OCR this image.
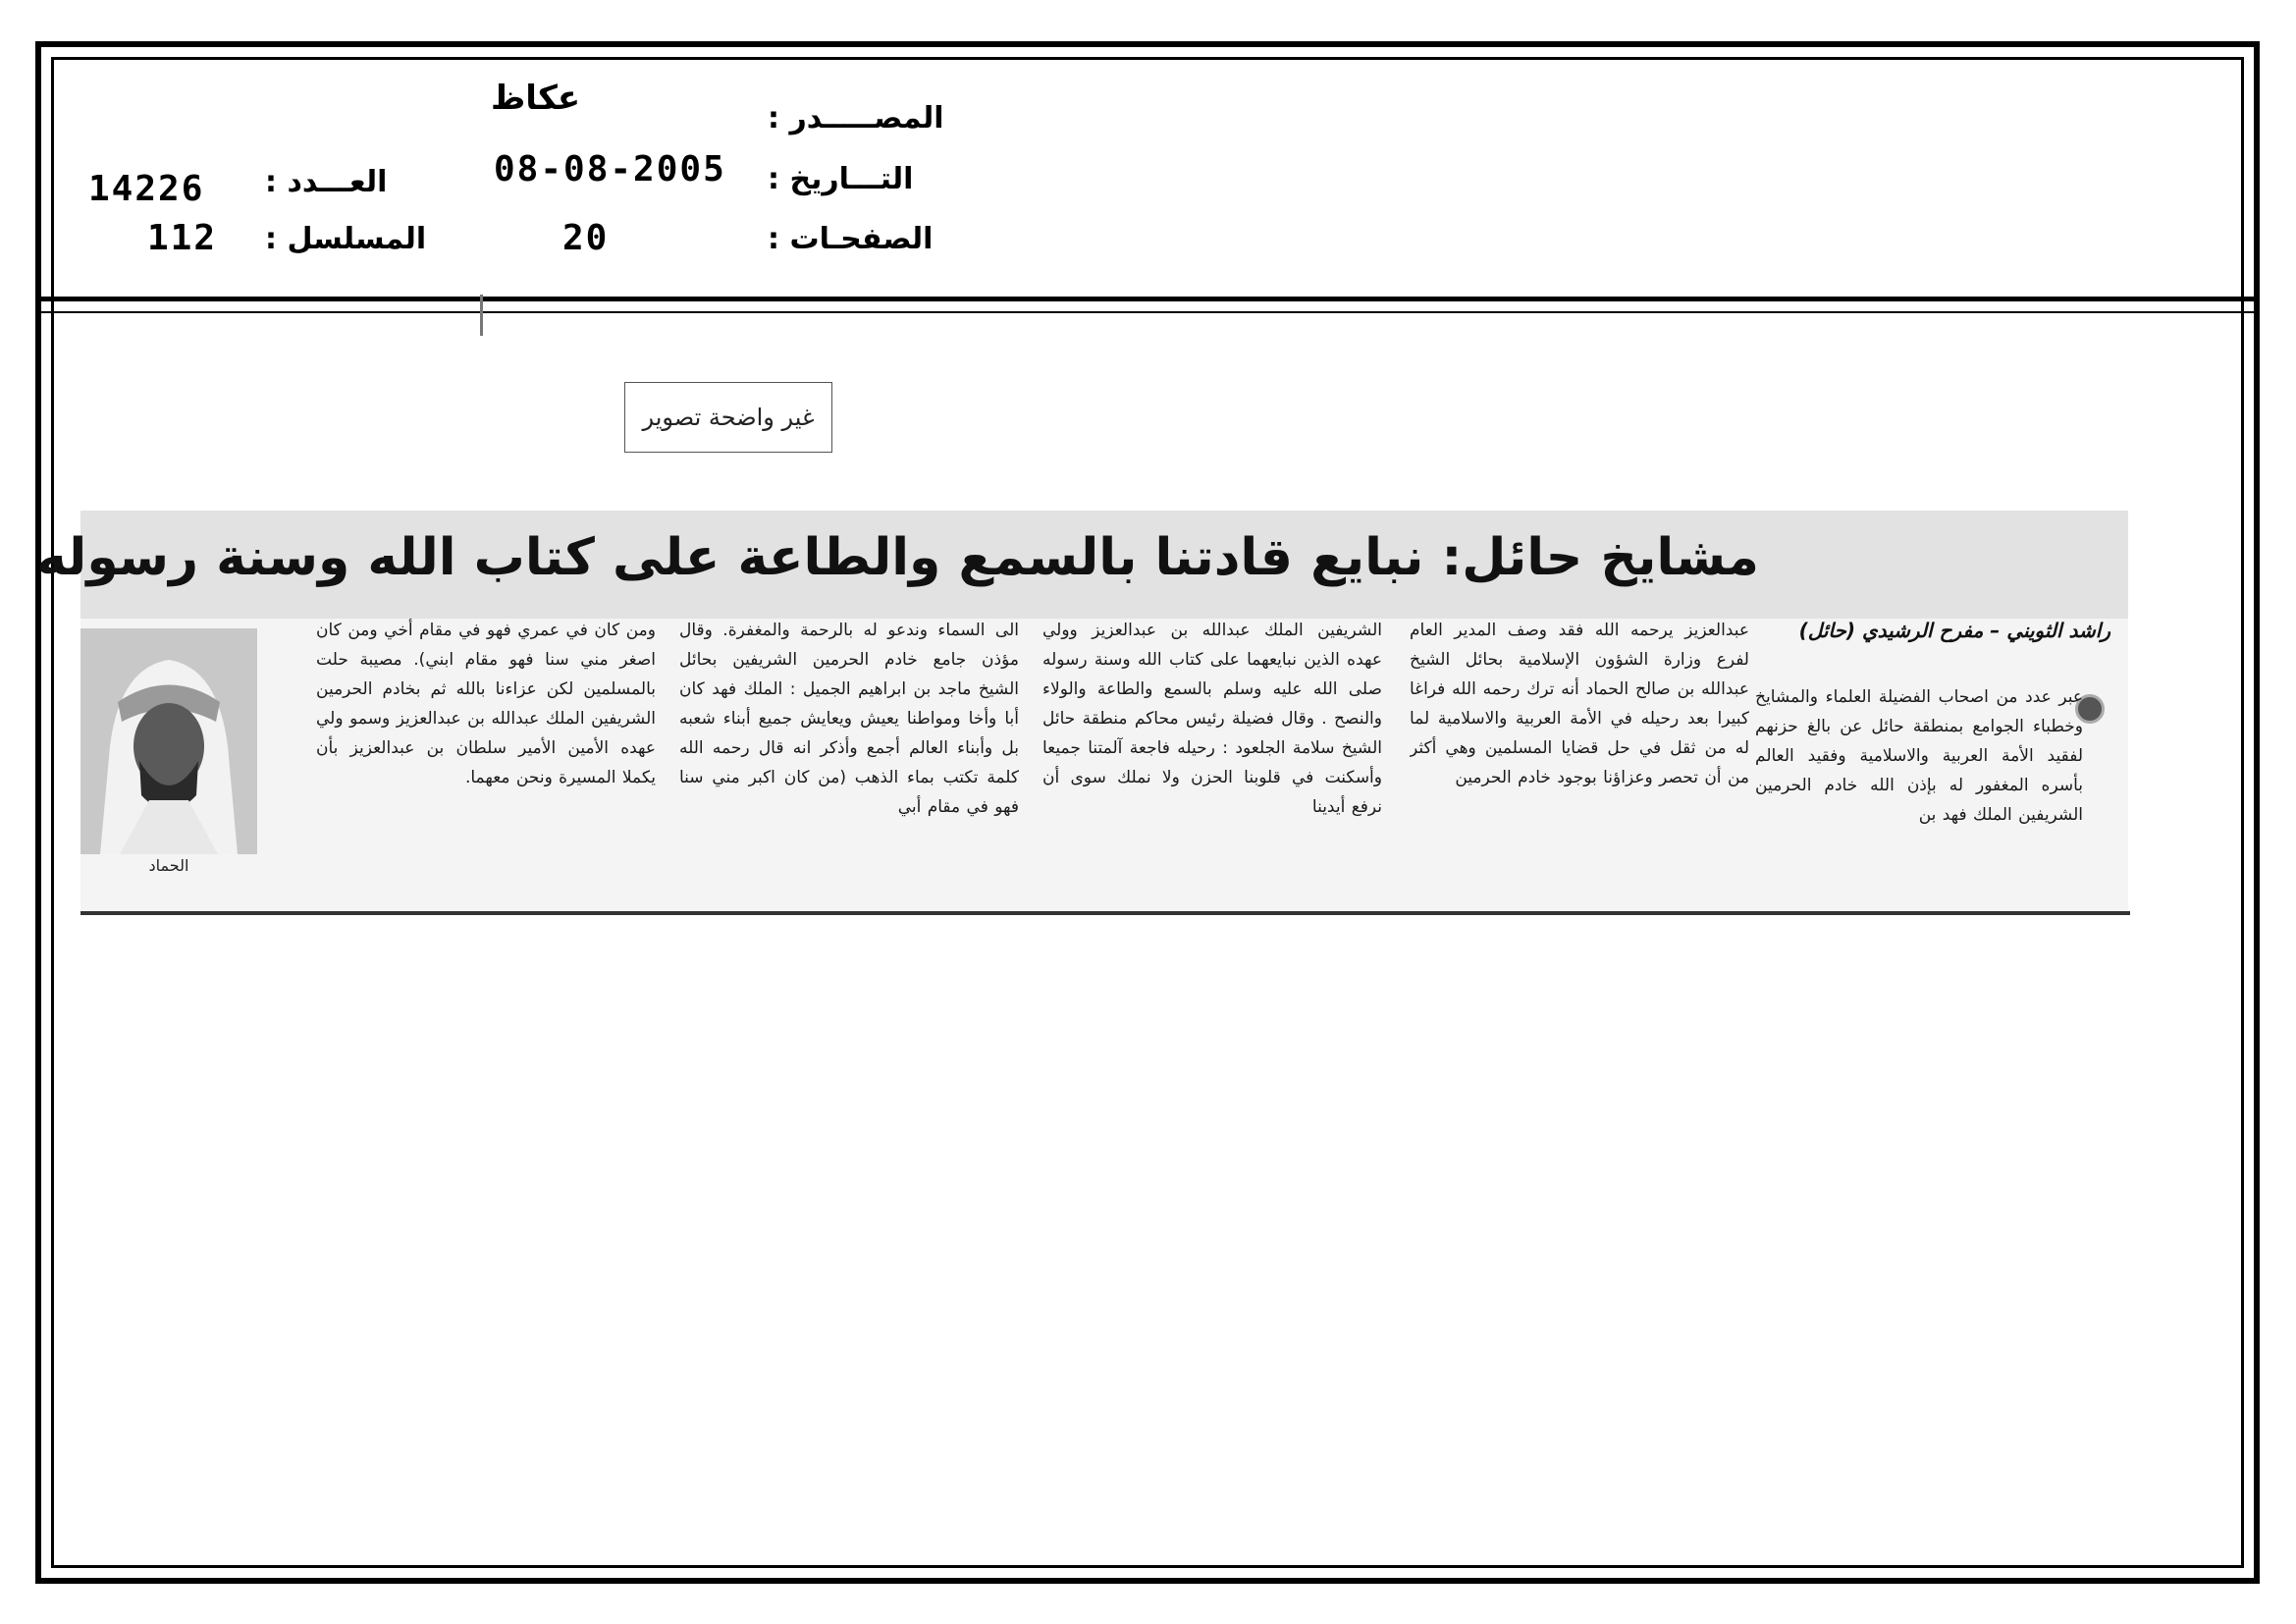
المصـــــدر :
التـــاريخ :
الصفحـات :
عكاظ
08-08-2005
20
العـــدد :
المسلسل :
14226
112
غير واضحة تصوير
مشايخ حائل: نبايع قادتنا بالسمع والطاعة على كتاب الله وسنة رسوله
راشد الثويني – مفرح الرشيدي (حائل)
عبر عدد من اصحاب الفضيلة العلماء والمشايخ وخطباء الجوامع بمنطقة حائل عن بالغ حزنهم لفقيد الأمة العربية والاسلامية وفقيد العالم بأسره المغفور له بإذن الله خادم الحرمين الشريفين الملك فهد بن
عبدالعزيز يرحمه الله فقد وصف المدير العام لفرع وزارة الشؤون الإسلامية بحائل الشيخ عبدالله بن صالح الحماد أنه ترك رحمه الله فراغا كبيرا بعد رحيله في الأمة العربية والاسلامية لما له من ثقل في حل قضايا المسلمين وهي أكثر من أن تحصر وعزاؤنا بوجود خادم الحرمين
الشريفين الملك عبدالله بن عبدالعزيز وولي عهده الذين نبايعهما على كتاب الله وسنة رسوله صلى الله عليه وسلم بالسمع والطاعة والولاء والنصح . وقال فضيلة رئيس محاكم منطقة حائل الشيخ سلامة الجلعود : رحيله فاجعة آلمتنا جميعا وأسكنت في قلوبنا الحزن ولا نملك سوى أن نرفع أيدينا
الى السماء وندعو له بالرحمة والمغفرة. وقال مؤذن جامع خادم الحرمين الشريفين بحائل الشيخ ماجد بن ابراهيم الجميل : الملك فهد كان أبا وأخا ومواطنا يعيش ويعايش جميع أبناء شعبه بل وأبناء العالم أجمع وأذكر انه قال رحمه الله كلمة تكتب بماء الذهب (من كان اكبر مني سنا فهو في مقام أبي
ومن كان في عمري فهو في مقام أخي ومن كان اصغر مني سنا فهو مقام ابني). مصيبة حلت بالمسلمين لكن عزاءنا بالله ثم بخادم الحرمين الشريفين الملك عبدالله بن عبدالعزيز وسمو ولي عهده الأمين الأمير سلطان بن عبدالعزيز بأن يكملا المسيرة ونحن معهما.
الحماد
